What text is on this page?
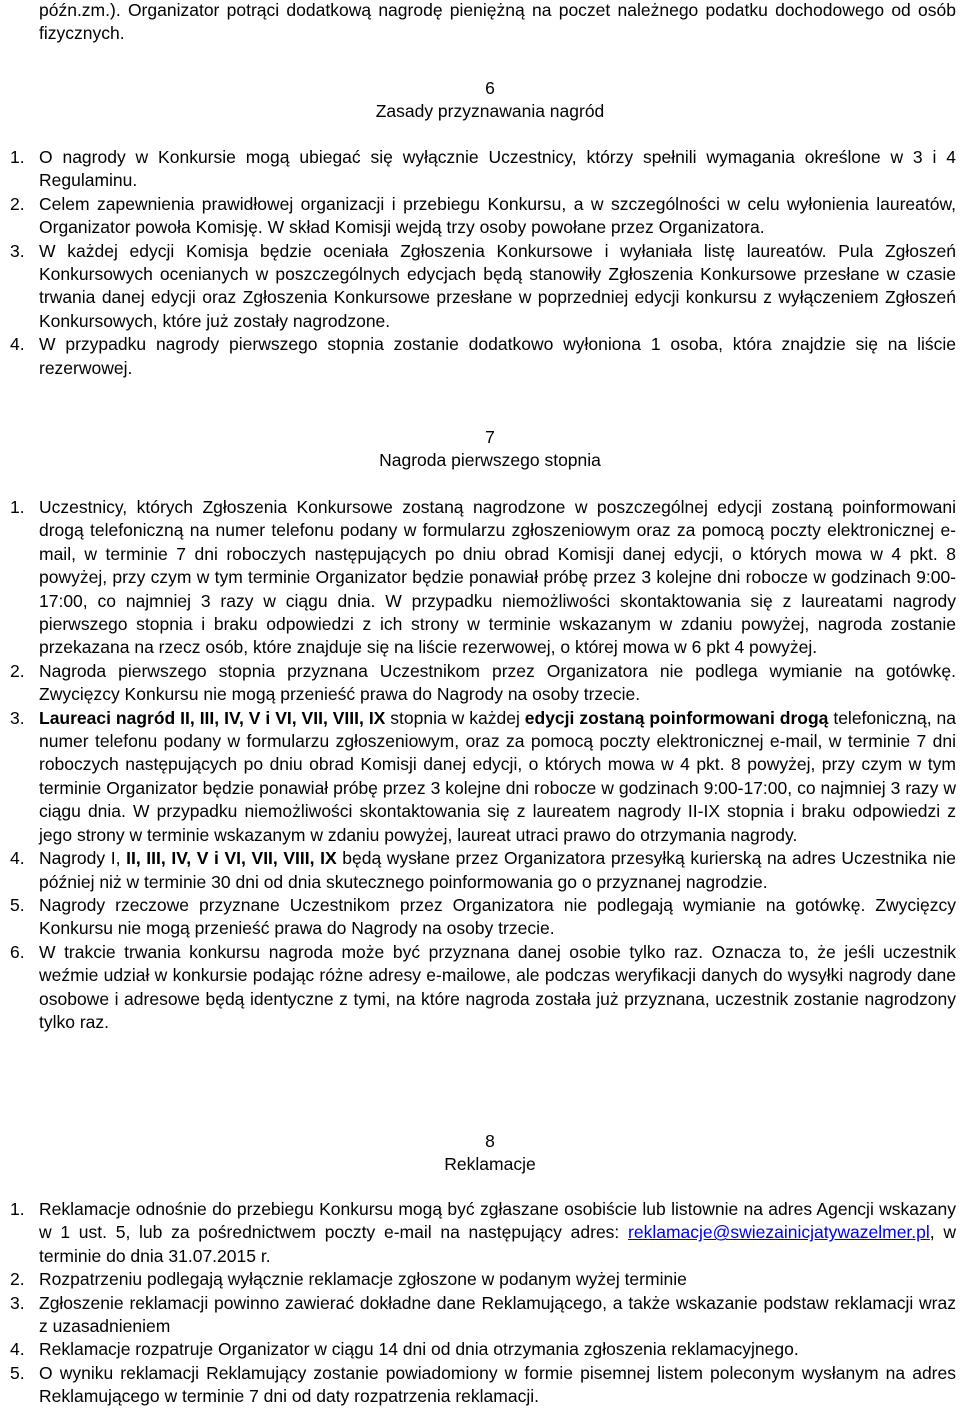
późn.zm.). Organizator potrąci dodatkową nagrodę pieniężną na poczet należnego podatku dochodowego od osób fizycznych.
6
Zasady przyznawania nagród
1. O nagrody w Konkursie mogą ubiegać się wyłącznie Uczestnicy, którzy spełnili wymagania określone w 3 i 4 Regulaminu.
2. Celem zapewnienia prawidłowej organizacji i przebiegu Konkursu, a w szczególności w celu wyłonienia laureatów, Organizator powoła Komisję. W skład Komisji wejdą trzy osoby powołane przez Organizatora.
3. W każdej edycji Komisja będzie oceniała Zgłoszenia Konkursowe i wyłaniała listę laureatów. Pula Zgłoszeń Konkursowych ocenianych w poszczególnych edycjach będą stanowiły Zgłoszenia Konkursowe przesłane w czasie trwania danej edycji oraz Zgłoszenia Konkursowe przesłane w poprzedniej edycji konkursu z wyłączeniem Zgłoszeń Konkursowych, które już zostały nagrodzone.
4. W przypadku nagrody pierwszego stopnia zostanie dodatkowo wyłoniona 1 osoba, która znajdzie się na liście rezerwowej.
7
Nagroda pierwszego stopnia
1. Uczestnicy, których Zgłoszenia Konkursowe zostaną nagrodzone w poszczególnej edycji zostaną poinformowani drogą telefoniczną na numer telefonu podany w formularzu zgłoszeniowym oraz za pomocą poczty elektronicznej e-mail, w terminie 7 dni roboczych następujących po dniu obrad Komisji danej edycji, o których mowa w 4 pkt. 8 powyżej, przy czym w tym terminie Organizator będzie ponawiał próbę przez 3 kolejne dni robocze w godzinach 9:00-17:00, co najmniej 3 razy w ciągu dnia. W przypadku niemożliwości skontaktowania się z laureatami nagrody pierwszego stopnia i braku odpowiedzi z ich strony w terminie wskazanym w zdaniu powyżej, nagroda zostanie przekazana na rzecz osób, które znajduje się na liście rezerwowej, o której mowa w 6 pkt 4 powyżej.
2. Nagroda pierwszego stopnia przyznana Uczestnikom przez Organizatora nie podlega wymianie na gotówkę. Zwycięzcy Konkursu nie mogą przenieść prawa do Nagrody na osoby trzecie.
3. Laureaci nagród II, III, IV, V i VI, VII, VIII, IX stopnia w każdej edycji zostaną poinformowani drogą telefoniczną, na numer telefonu podany w formularzu zgłoszeniowym, oraz za pomocą poczty elektronicznej e-mail, w terminie 7 dni roboczych następujących po dniu obrad Komisji danej edycji, o których mowa w 4 pkt. 8 powyżej, przy czym w tym terminie Organizator będzie ponawiał próbę przez 3 kolejne dni robocze w godzinach 9:00-17:00, co najmniej 3 razy w ciągu dnia. W przypadku niemożliwości skontaktowania się z laureatem nagrody II-IX stopnia i braku odpowiedzi z jego strony w terminie wskazanym w zdaniu powyżej, laureat utraci prawo do otrzymania nagrody.
4. Nagrody I, II, III, IV, V i VI, VII, VIII, IX będą wysłane przez Organizatora przesyłką kurierską na adres Uczestnika nie później niż w terminie 30 dni od dnia skutecznego poinformowania go o przyznanej nagrodzie.
5. Nagrody rzeczowe przyznane Uczestnikom przez Organizatora nie podlegają wymianie na gotówkę. Zwycięzcy Konkursu nie mogą przenieść prawa do Nagrody na osoby trzecie.
6. W trakcie trwania konkursu nagroda może być przyznana danej osobie tylko raz. Oznacza to, że jeśli uczestnik weźmie udział w konkursie podając różne adresy e-mailowe, ale podczas weryfikacji danych do wysyłki nagrody dane osobowe i adresowe będą identyczne z tymi, na które nagroda została już przyznana, uczestnik zostanie nagrodzony tylko raz.
8
Reklamacje
1. Reklamacje odnośnie do przebiegu Konkursu mogą być zgłaszane osobiście lub listownie na adres Agencji wskazany w 1 ust. 5, lub za pośrednictwem poczty e-mail na następujący adres: reklamacje@swiezainicjatywazelmer.pl, w terminie do dnia 31.07.2015 r.
2. Rozpatrzeniu podlegają wyłącznie reklamacje zgłoszone w podanym wyżej terminie
3. Zgłoszenie reklamacji powinno zawierać dokładne dane Reklamującego, a także wskazanie podstaw reklamacji wraz z uzasadnieniem
4. Reklamacje rozpatruje Organizator w ciągu 14 dni od dnia otrzymania zgłoszenia reklamacyjnego.
5. O wyniku reklamacji Reklamujący zostanie powiadomiony w formie pisemnej listem poleconym wysłanym na adres Reklamującego w terminie 7 dni od daty rozpatrzenia reklamacji.
